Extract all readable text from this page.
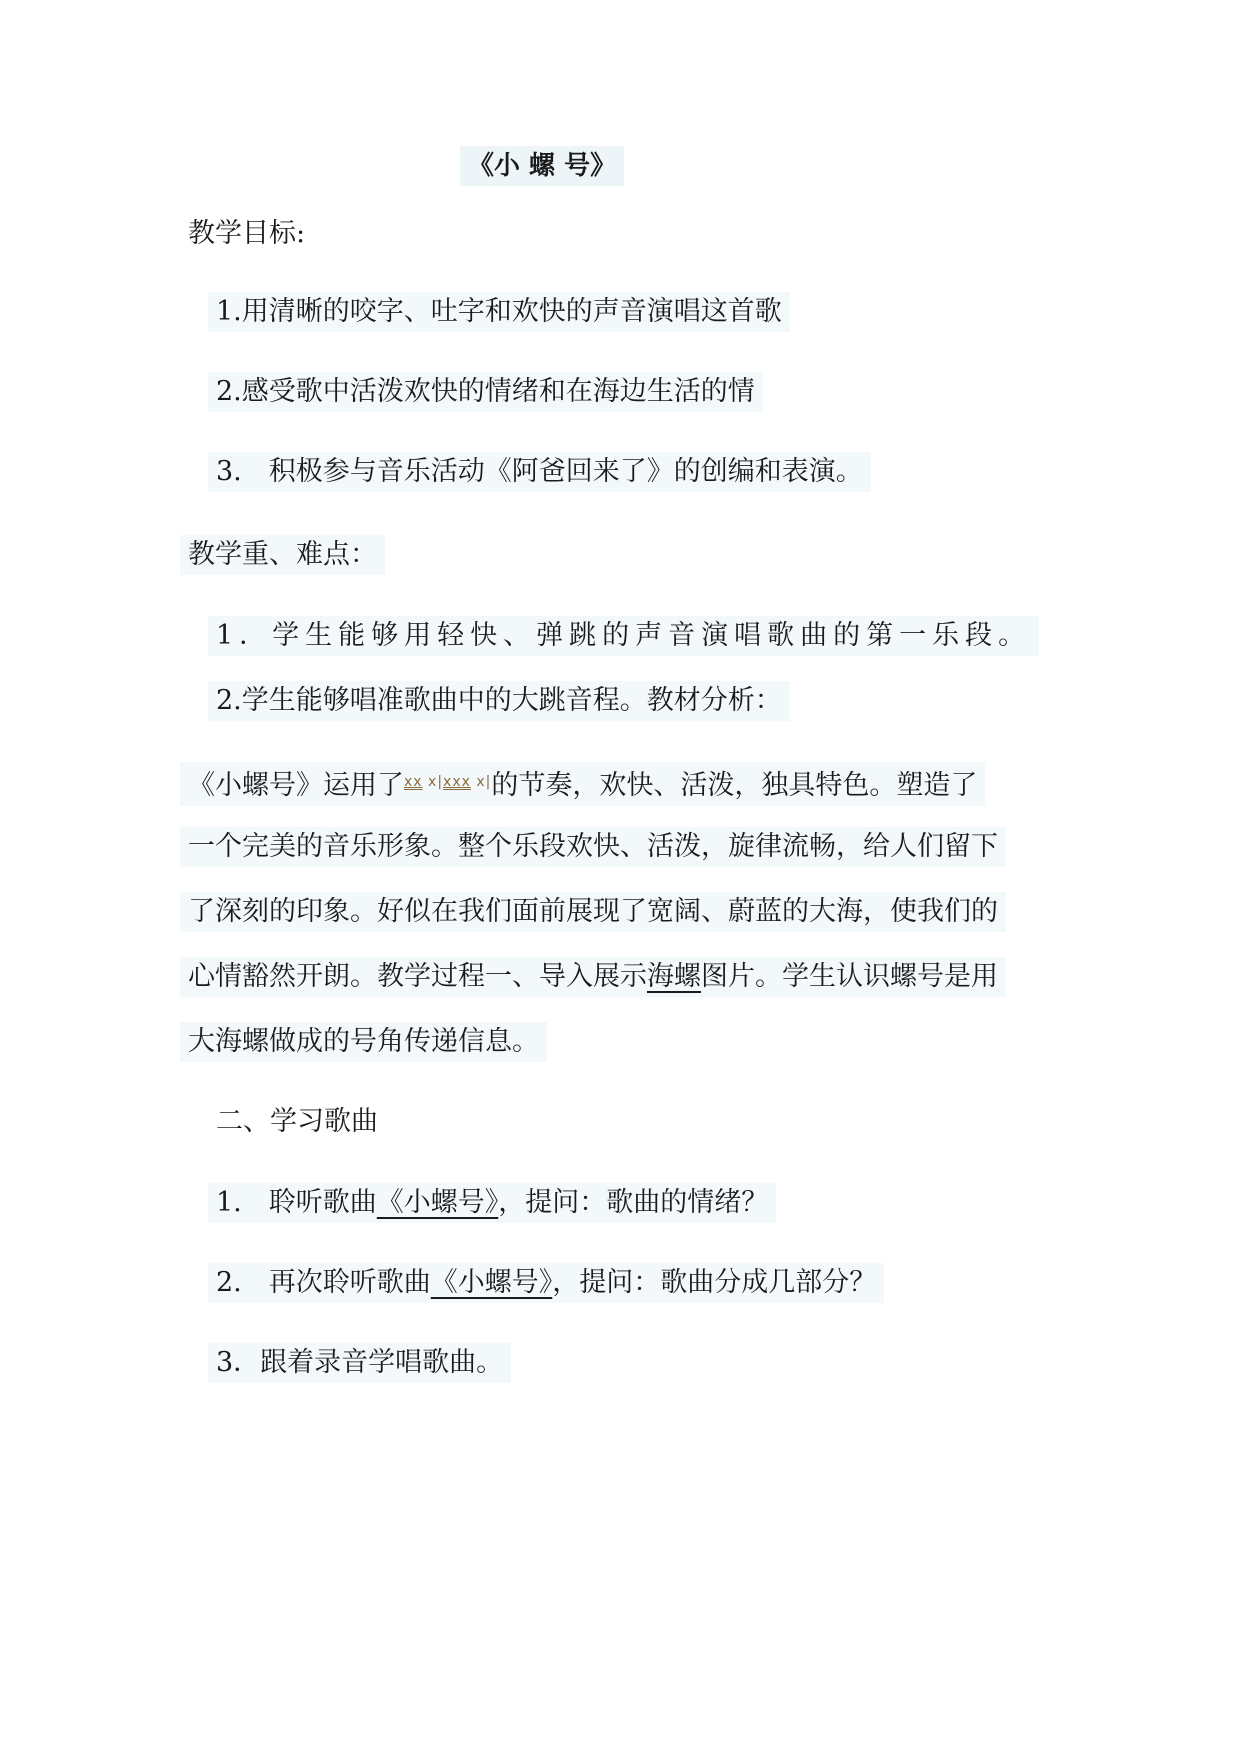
《小 螺 号》
教学目标:
1.用清晰的咬字、吐字和欢快的声音演唱这首歌
2.感受歌中活泼欢快的情绪和在海边生活的情
3.　积极参与音乐活动《阿爸回来了》的创编和表演。
教学重、难点：
1．学生能够用轻快、弹跳的声音演唱歌曲的第一乐段。
2.学生能够唱准歌曲中的大跳音程。教材分析：
《小螺号》运用了$^{xx x|xxx x|}$的节奏，欢快、活泼，独具特色。塑造了
一个完美的音乐形象。整个乐段欢快、活泼，旋律流畅，给人们留下
了深刻的印象。好似在我们面前展现了宽阔、蔚蓝的大海，使我们的
心情豁然开朗。教学过程一、导入展示海螺图片。学生认识螺号是用
大海螺做成的号角传递信息。
二、学习歌曲
1.　聆听歌曲《小螺号》，提问：歌曲的情绪？
2.　再次聆听歌曲《小螺号》，提问：歌曲分成几部分？
3．跟着录音学唱歌曲。
